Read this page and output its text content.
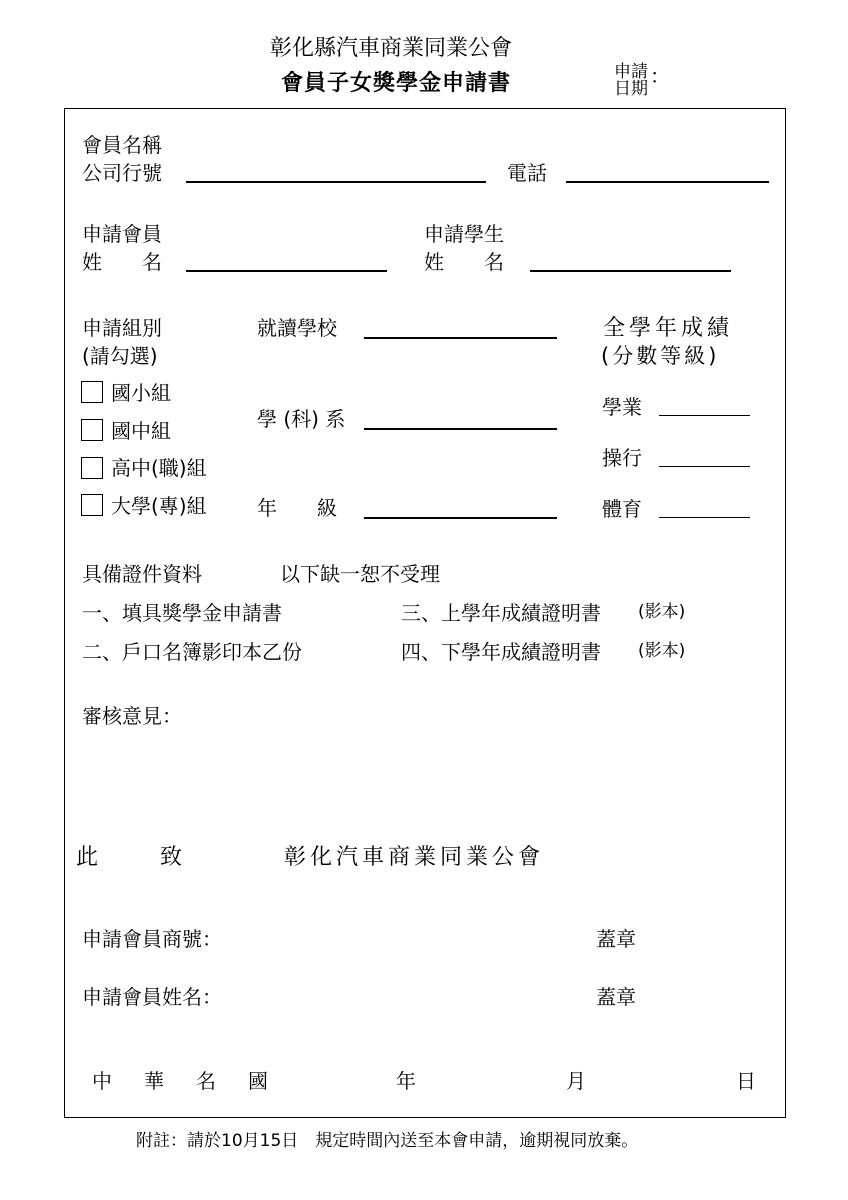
彰化縣汽車商業同業公會
會員子女獎學金申請書	申請
日期
：
會員名稱
公司行號	電話
申請會員
姓　　名
申請學生
姓　　名
申請組別
(請勾選)
國小組
國中組
高中(職)組
大學(專)組
就讀學校
學 (科) 系
年　　級
全學年成績
(分數等級)
學業
操行
體育
具備證件資料	以下缺一恕不受理
一、填具獎學金申請書	三、上學年成績證明書 (影本)
二、戶口名簿影印本乙份	四、下學年成績證明書 (影本)
審核意見：
此	致	彰化汽車商業同業公會
申請會員商號：	蓋章
申請會員姓名：	蓋章
中　華　名　國	年	月	日
附註：請於10月15日　規定時間內送至本會申請，逾期視同放棄。
